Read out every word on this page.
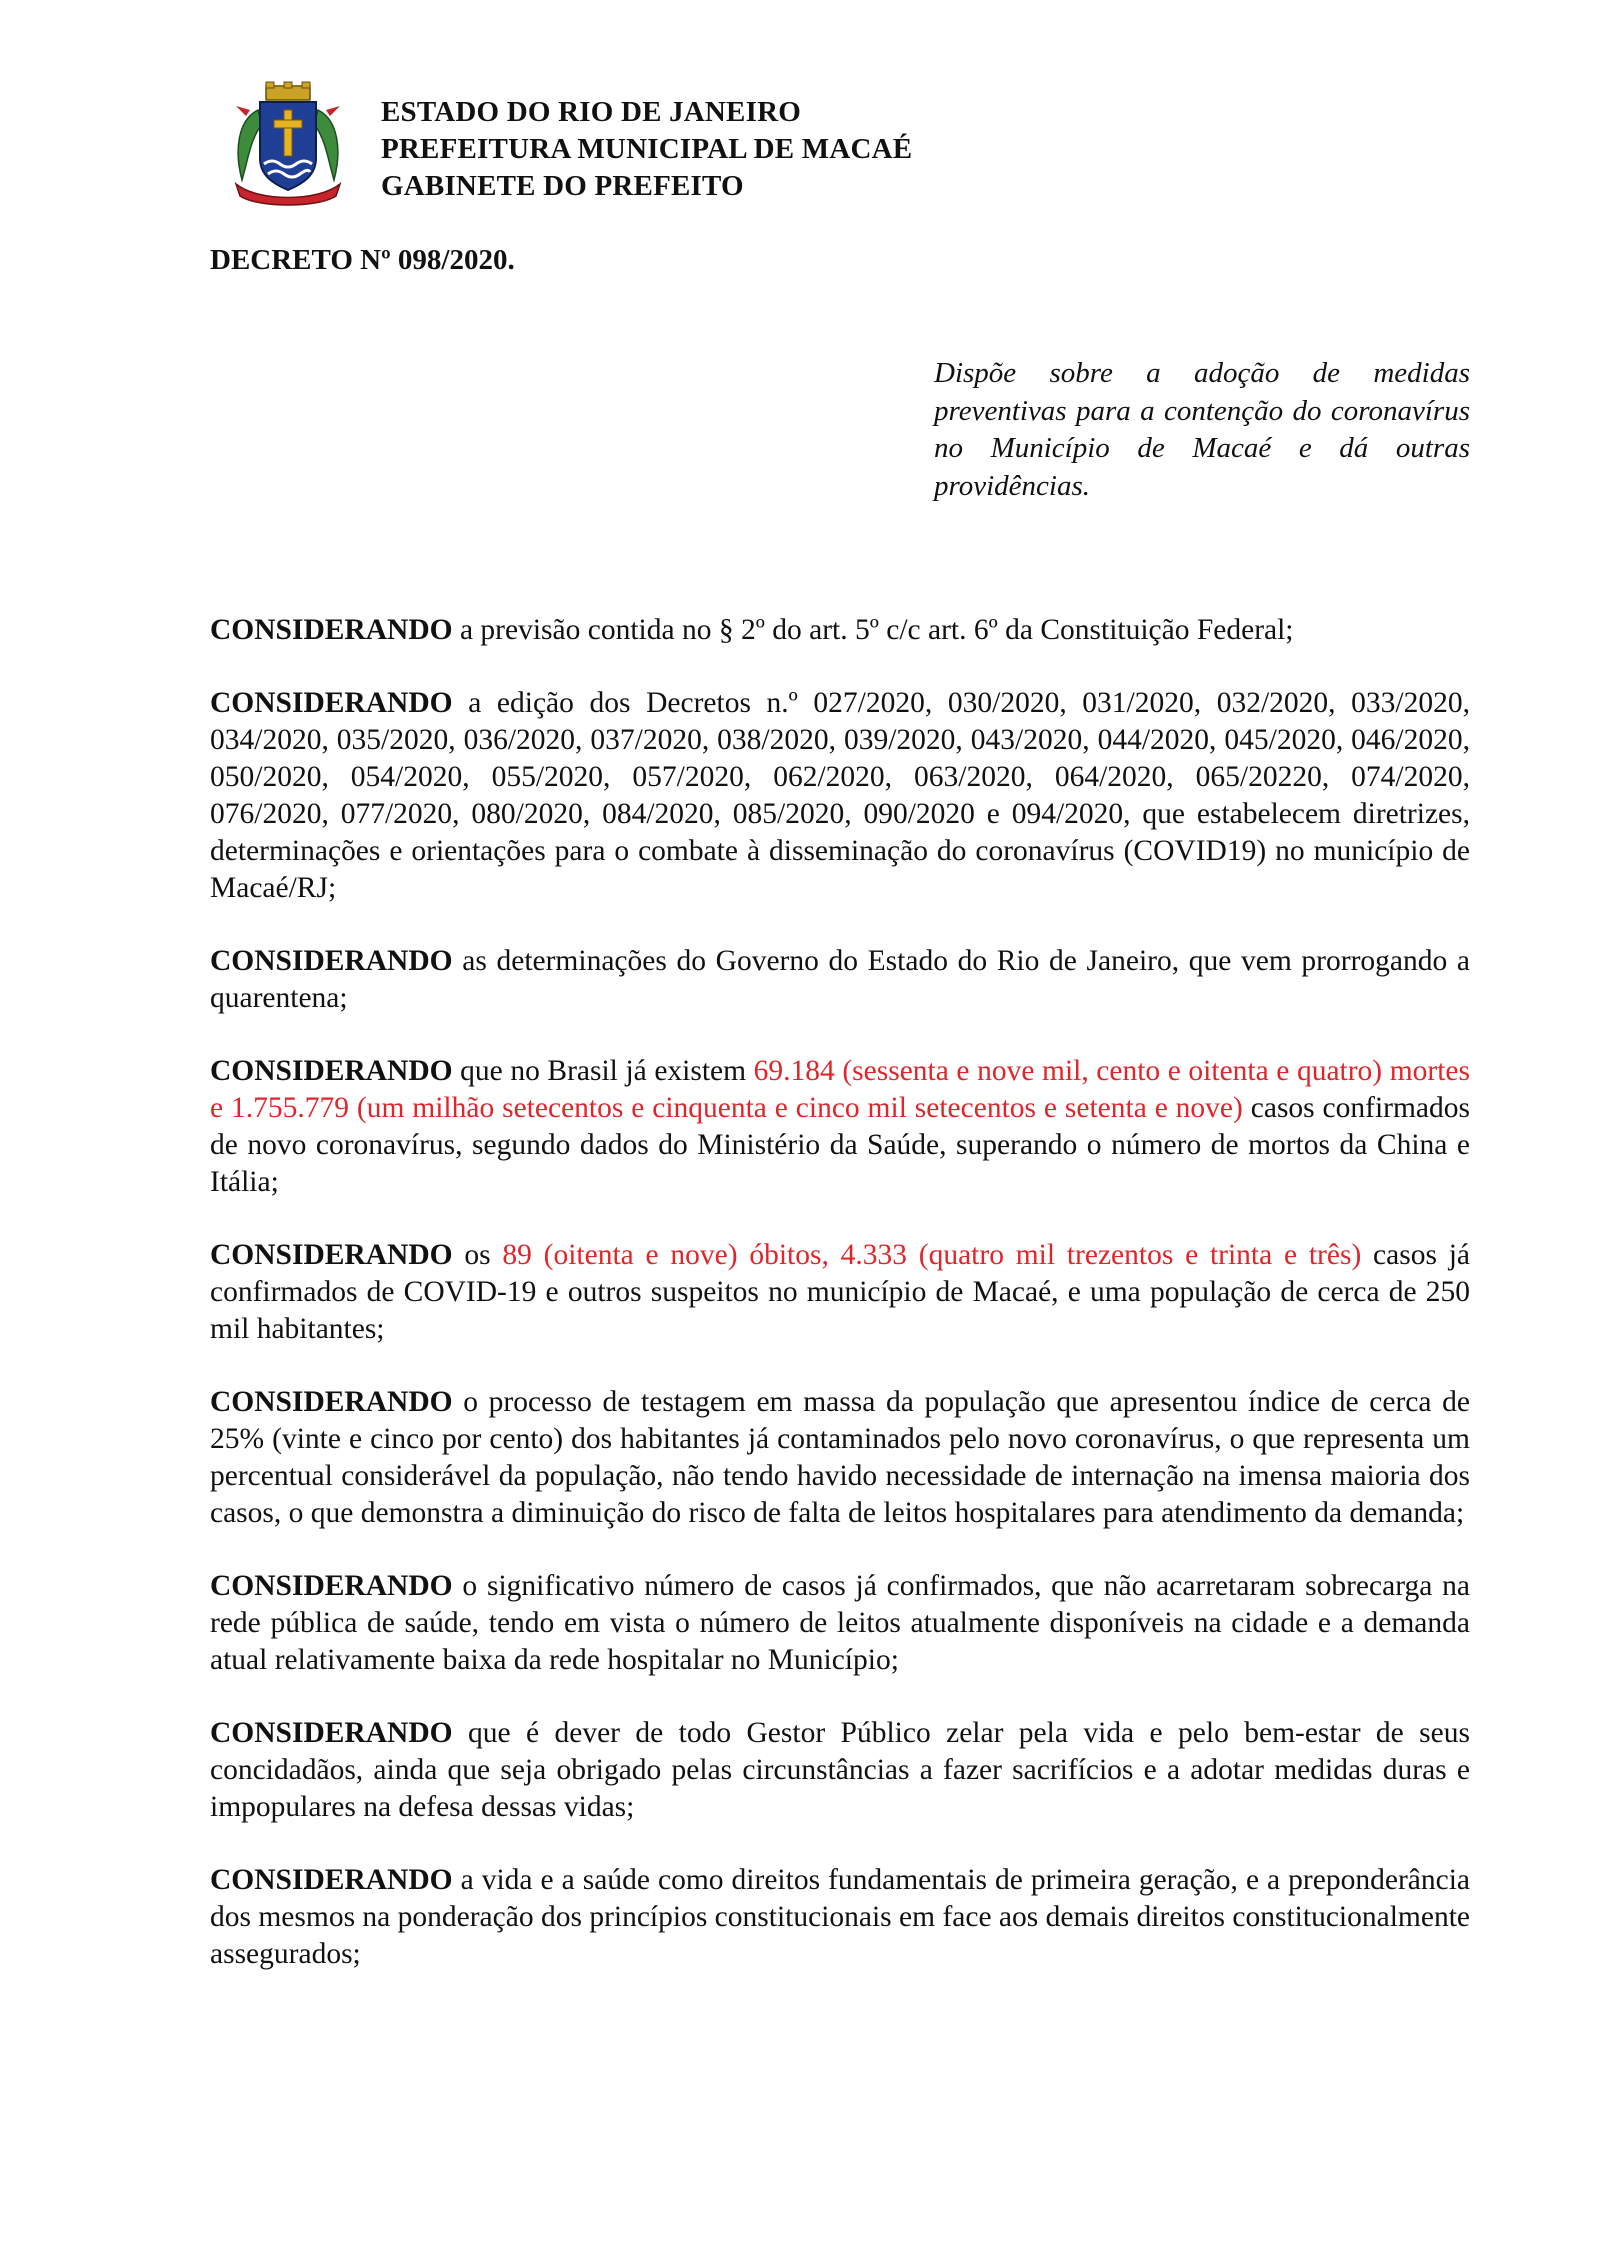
ESTADO DO RIO DE JANEIRO
PREFEITURA MUNICIPAL DE MACAÉ
GABINETE DO PREFEITO
DECRETO Nº 098/2020.
Dispõe sobre a adoção de medidas preventivas para a contenção do coronavírus no Município de Macaé e dá outras providências.

CONSIDERANDO a previsão contida no § 2º do art. 5º c/c art. 6º da Constituição Federal;

CONSIDERANDO a edição dos Decretos n.º 027/2020, 030/2020, 031/2020, 032/2020, 033/2020, 034/2020, 035/2020, 036/2020, 037/2020, 038/2020, 039/2020, 043/2020, 044/2020, 045/2020, 046/2020, 050/2020, 054/2020, 055/2020, 057/2020, 062/2020, 063/2020, 064/2020, 065/20220, 074/2020, 076/2020, 077/2020, 080/2020, 084/2020, 085/2020, 090/2020 e 094/2020, que estabelecem diretrizes, determinações e orientações para o combate à disseminação do coronavírus (COVID19) no município de Macaé/RJ;

CONSIDERANDO as determinações do Governo do Estado do Rio de Janeiro, que vem prorrogando a quarentena;

CONSIDERANDO que no Brasil já existem 69.184 (sessenta e nove mil, cento e oitenta e quatro) mortes e 1.755.779 (um milhão setecentos e cinquenta e cinco mil setecentos e setenta e nove) casos confirmados de novo coronavírus, segundo dados do Ministério da Saúde, superando o número de mortos da China e Itália;

CONSIDERANDO os 89 (oitenta e nove) óbitos, 4.333 (quatro mil trezentos e trinta e três) casos já confirmados de COVID-19 e outros suspeitos no município de Macaé, e uma população de cerca de 250 mil habitantes;

CONSIDERANDO o processo de testagem em massa da população que apresentou índice de cerca de 25% (vinte e cinco por cento) dos habitantes já contaminados pelo novo coronavírus, o que representa um percentual considerável da população, não tendo havido necessidade de internação na imensa maioria dos casos, o que demonstra a diminuição do risco de falta de leitos hospitalares para atendimento da demanda;

CONSIDERANDO o significativo número de casos já confirmados, que não acarretaram sobrecarga na rede pública de saúde, tendo em vista o número de leitos atualmente disponíveis na cidade e a demanda atual relativamente baixa da rede hospitalar no Município;

CONSIDERANDO que é dever de todo Gestor Público zelar pela vida e pelo bem-estar de seus concidadãos, ainda que seja obrigado pelas circunstâncias a fazer sacrifícios e a adotar medidas duras e impopulares na defesa dessas vidas;

CONSIDERANDO a vida e a saúde como direitos fundamentais de primeira geração, e a preponderância dos mesmos na ponderação dos princípios constitucionais em face aos demais direitos constitucionalmente assegurados;
